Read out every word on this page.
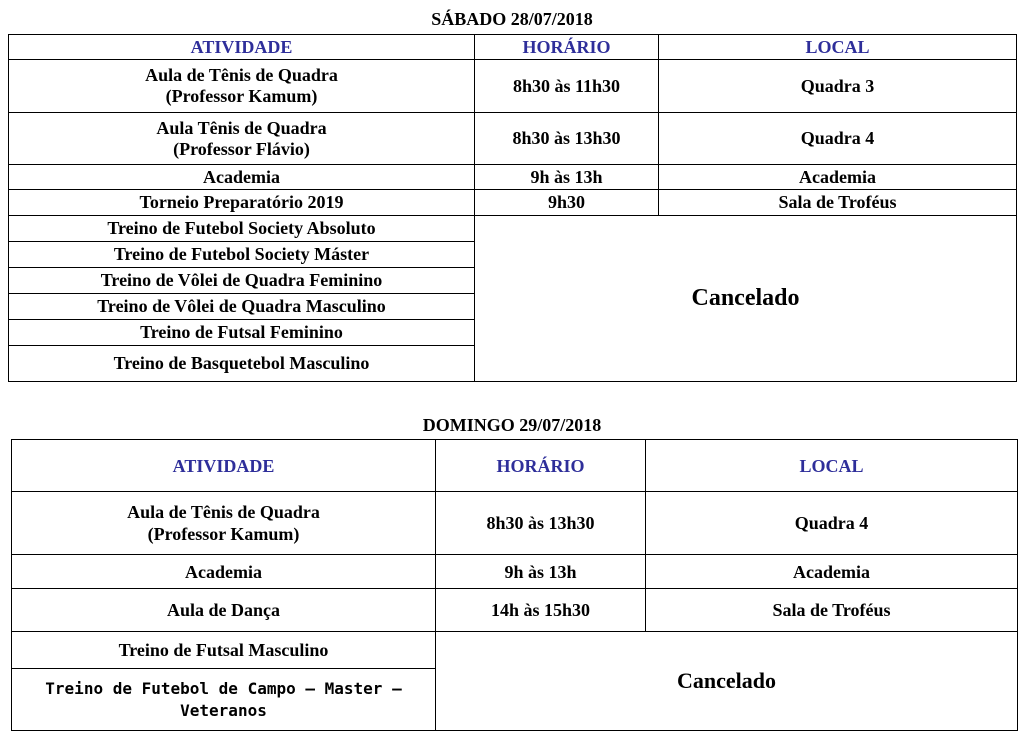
SÁBADO 28/07/2018
ATIVIDADE	HORÁRIO	LOCAL

Aula de Tênis de Quadra
(Professor Kamum)	8h30 às 11h30	Quadra 3

Aula Tênis de Quadra
(Professor Flávio)	8h30 às 13h30	Quadra 4
Academia	9h às 13h	Academia
Torneio Preparatório 2019	9h30	Sala de Troféus
Treino de Futebol Society Absoluto	Cancelado	
Treino de Futebol Society Máster		
Treino de Vôlei de Quadra Feminino		
Treino de Vôlei de Quadra Masculino		
Treino de Futsal Feminino		
Treino de Basquetebol Masculino		
DOMINGO 29/07/2018
ATIVIDADE	HORÁRIO	LOCAL

Aula de Tênis de Quadra
(Professor Kamum)	8h30 às 13h30	Quadra 4
Academia	9h às 13h	Academia
Aula de Dança	14h às 15h30	Sala de Troféus
Treino de Futsal Masculino	Cancelado	

Treino de Futebol de Campo – Master –
Veteranos		
